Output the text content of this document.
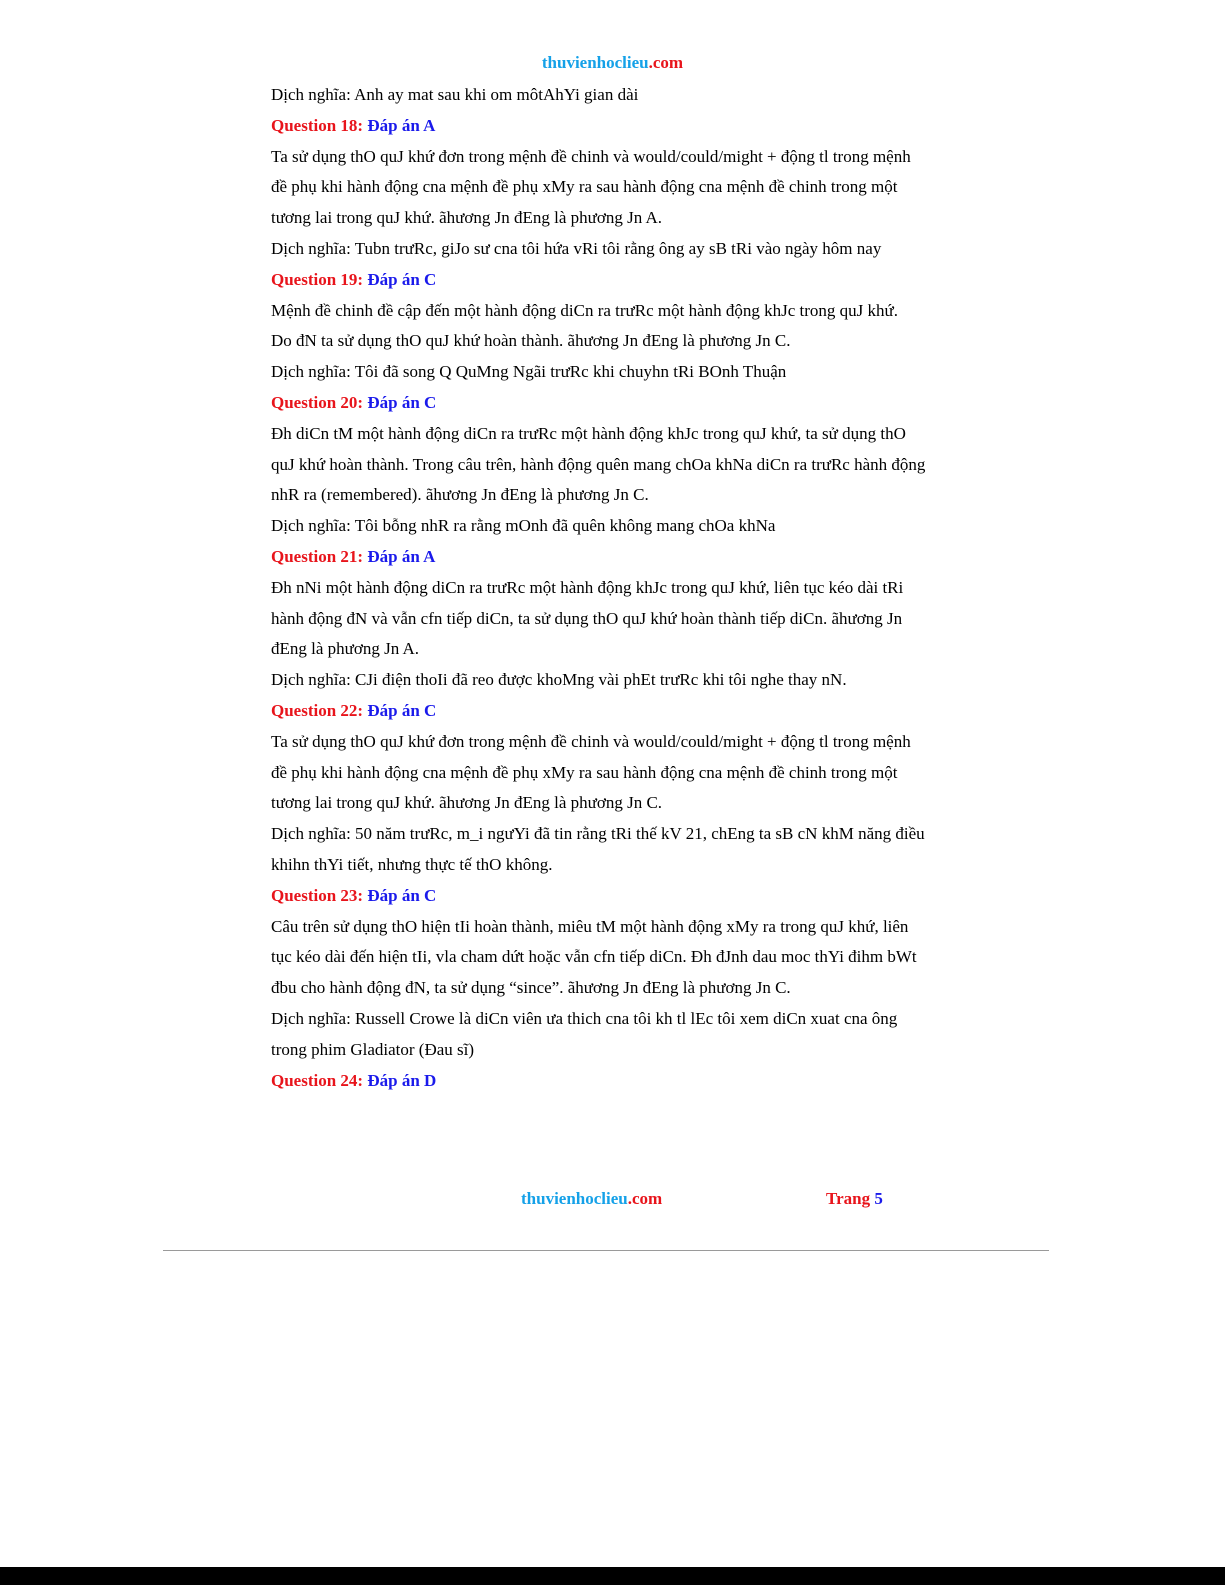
thuvienhoclieu.com

Dịch nghĩa: Anh ay mat sau khi om môtAhYi gian dài

Question 18: Đáp án A

Ta sử dụng thO quJ khứ đơn trong mệnh đề chinh và would/could/might + động tl trong mệnh

đề phụ khi hành động cna mệnh đề phụ xMy ra sau hành động cna mệnh đề chinh trong một

tương lai trong quJ khứ. ãhương Jn đEng là phương Jn A.

Dịch nghĩa: Tubn trưRc, giJo sư cna tôi hứa vRi tôi rằng ông ay sB tRi vào ngày hôm nay

Question 19: Đáp án C

Mệnh đề chinh đề cập đến một hành động diCn ra trưRc một hành động khJc trong quJ khứ.

Do đN ta sử dụng thO quJ khứ hoàn thành. ãhương Jn đEng là phương Jn C.

Dịch nghĩa: Tôi đã song Q QuMng Ngãi trưRc khi chuyhn tRi BOnh Thuận

Question 20: Đáp án C

Đh diCn tM một hành động diCn ra trưRc một hành động khJc trong quJ khứ, ta sử dụng thO

quJ khứ hoàn thành. Trong câu trên, hành động quên mang chOa khNa diCn ra trưRc hành động

nhR ra (remembered). ãhương Jn đEng là phương Jn C.

Dịch nghĩa: Tôi bỗng nhR ra rằng mOnh đã quên không mang chOa khNa

Question 21: Đáp án A

Đh nNi một hành động diCn ra trưRc một hành động khJc trong quJ khứ, liên tục kéo dài tRi

hành động đN và vẫn cfn tiếp diCn, ta sử dụng thO quJ khứ hoàn thành tiếp diCn. ãhương Jn

đEng là phương Jn A.

Dịch nghĩa: CJi điện thoIi đã reo được khoMng vài phEt trưRc khi tôi nghe thay nN.

Question 22: Đáp án C

Ta sử dụng thO quJ khứ đơn trong mệnh đề chinh và would/could/might + động tl trong mệnh

đề phụ khi hành động cna mệnh đề phụ xMy ra sau hành động cna mệnh đề chinh trong một

tương lai trong quJ khứ. ãhương Jn đEng là phương Jn C.

Dịch nghĩa: 50 năm trưRc, m_i ngưYi đã tin rằng tRi thế kV 21, chEng ta sB cN khM năng điều

khihn thYi tiết, nhưng thực tế thO không.

Question 23: Đáp án C

Câu trên sử dụng thO hiện tIi hoàn thành, miêu tM một hành động xMy ra trong quJ khứ, liên

tục kéo dài đến hiện tIi, vla cham dứt hoặc vẫn cfn tiếp diCn. Đh đJnh dau moc thYi đihm bWt

đbu cho hành động đN, ta sử dụng “since”. ãhương Jn đEng là phương Jn C.

Dịch nghĩa: Russell Crowe là diCn viên ưa thich cna tôi kh tl lEc tôi xem diCn xuat cna ông

trong phim Gladiator (Đau sĩ)

Question 24: Đáp án D

thuvienhoclieu.com	Trang 5
